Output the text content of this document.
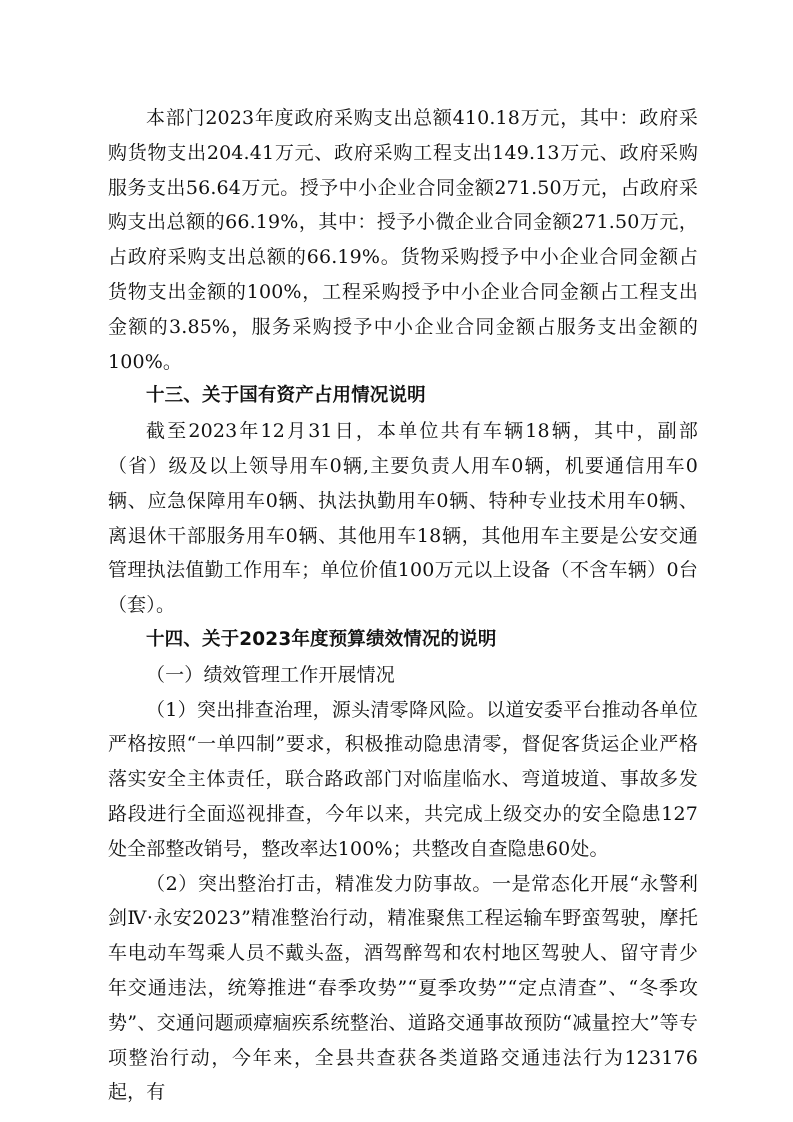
本部门2023年度政府采购支出总额410.18万元，其中：政府采购货物支出204.41万元、政府采购工程支出149.13万元、政府采购服务支出56.64万元。授予中小企业合同金额271.50万元，占政府采购支出总额的66.19%，其中：授予小微企业合同金额271.50万元，占政府采购支出总额的66.19%。货物采购授予中小企业合同金额占货物支出金额的100%，工程采购授予中小企业合同金额占工程支出金额的3.85%，服务采购授予中小企业合同金额占服务支出金额的100%。

十三、关于国有资产占用情况说明

截至2023年12月31日，本单位共有车辆18辆，其中，副部（省）级及以上领导用车0辆,主要负责人用车0辆，机要通信用车0辆、应急保障用车0辆、执法执勤用车0辆、特种专业技术用车0辆、离退休干部服务用车0辆、其他用车18辆，其他用车主要是公安交通管理执法值勤工作用车；单位价值100万元以上设备（不含车辆）0台（套）。

十四、关于2023年度预算绩效情况的说明

（一）绩效管理工作开展情况

（1）突出排查治理，源头清零降风险。以道安委平台推动各单位严格按照“一单四制”要求，积极推动隐患清零，督促客货运企业严格落实安全主体责任，联合路政部门对临崖临水、弯道坡道、事故多发路段进行全面巡视排查，今年以来，共完成上级交办的安全隐患127处全部整改销号，整改率达100%；共整改自查隐患60处。

（2）突出整治打击，精准发力防事故。一是常态化开展“永警利剑Ⅳ·永安2023”精准整治行动，精准聚焦工程运输车野蛮驾驶，摩托车电动车驾乘人员不戴头盔，酒驾醉驾和农村地区驾驶人、留守青少年交通违法，统筹推进“春季攻势”“夏季攻势”“定点清查”、“冬季攻势”、交通问题顽瘴痼疾系统整治、道路交通事故预防“减量控大”等专项整治行动，今年来，全县共查获各类道路交通违法行为123176起，有
